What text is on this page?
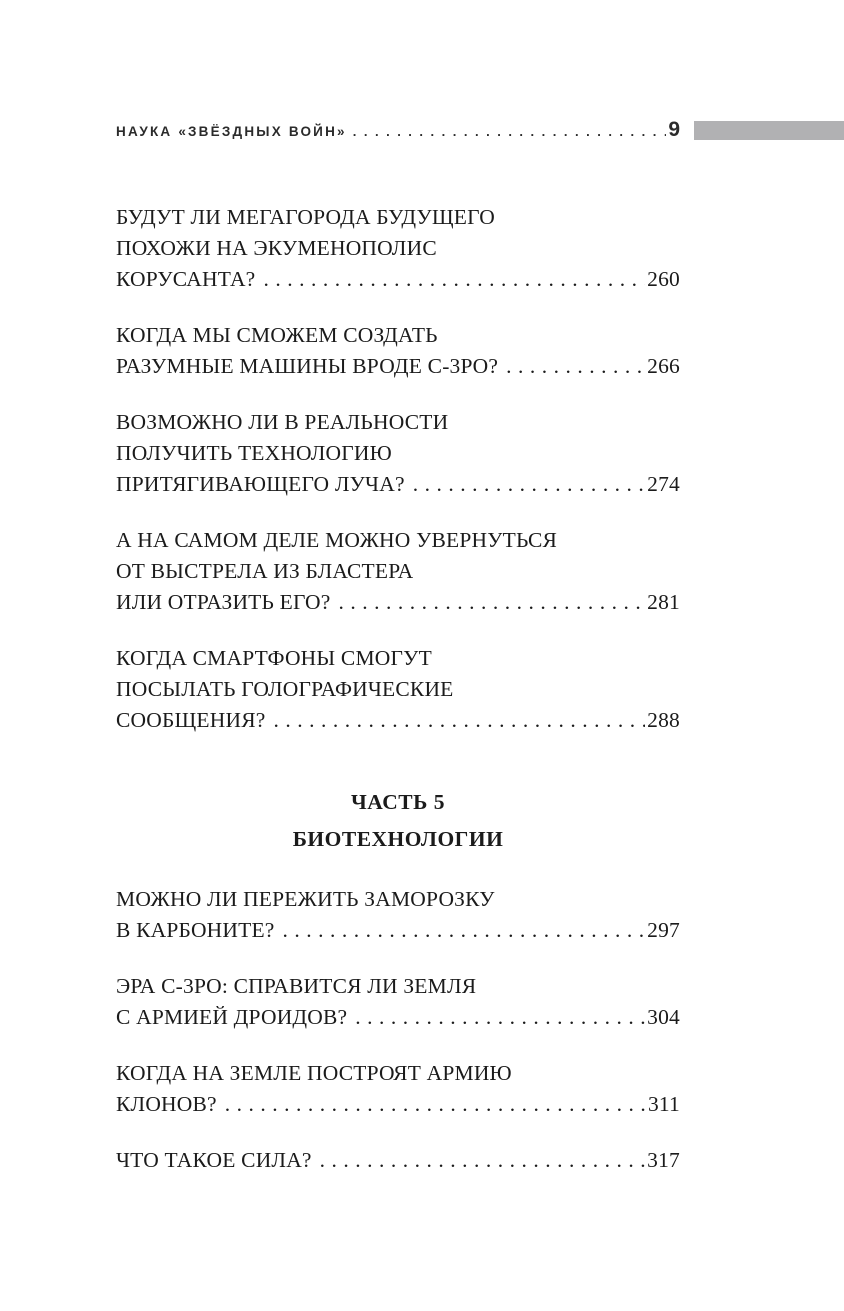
НАУКА «ЗВЁЗДНЫХ ВОЙН» .....	9
БУДУТ ЛИ МЕГАГОРОДА БУДУЩЕГО
ПОХОЖИ НА ЭКУМЕНОПОЛИС
КОРУСАНТА? .....	260
КОГДА МЫ СМОЖЕМ СОЗДАТЬ
РАЗУМНЫЕ МАШИНЫ ВРОДЕ C-3PO? .....	266
ВОЗМОЖНО ЛИ В РЕАЛЬНОСТИ
ПОЛУЧИТЬ ТЕХНОЛОГИЮ
ПРИТЯГИВАЮЩЕГО ЛУЧА? .....	274
А НА САМОМ ДЕЛЕ МОЖНО УВЕРНУТЬСЯ
ОТ ВЫСТРЕЛА ИЗ БЛАСТЕРА
ИЛИ ОТРАЗИТЬ ЕГО? .....	281
КОГДА СМАРТФОНЫ СМОГУТ
ПОСЫЛАТЬ ГОЛОГРАФИЧЕСКИЕ
СООБЩЕНИЯ? .....	288
ЧАСТЬ 5
БИОТЕХНОЛОГИИ
МОЖНО ЛИ ПЕРЕЖИТЬ ЗАМОРОЗКУ
В КАРБОНИТЕ? .....	297
ЭРА C-3PO: СПРАВИТСЯ ЛИ ЗЕМЛЯ
С АРМИЕЙ ДРОИДОВ? .....	304
КОГДА НА ЗЕМЛЕ ПОСТРОЯТ АРМИЮ
КЛОНОВ? .....	311
ЧТО ТАКОЕ СИЛА? .....	317
